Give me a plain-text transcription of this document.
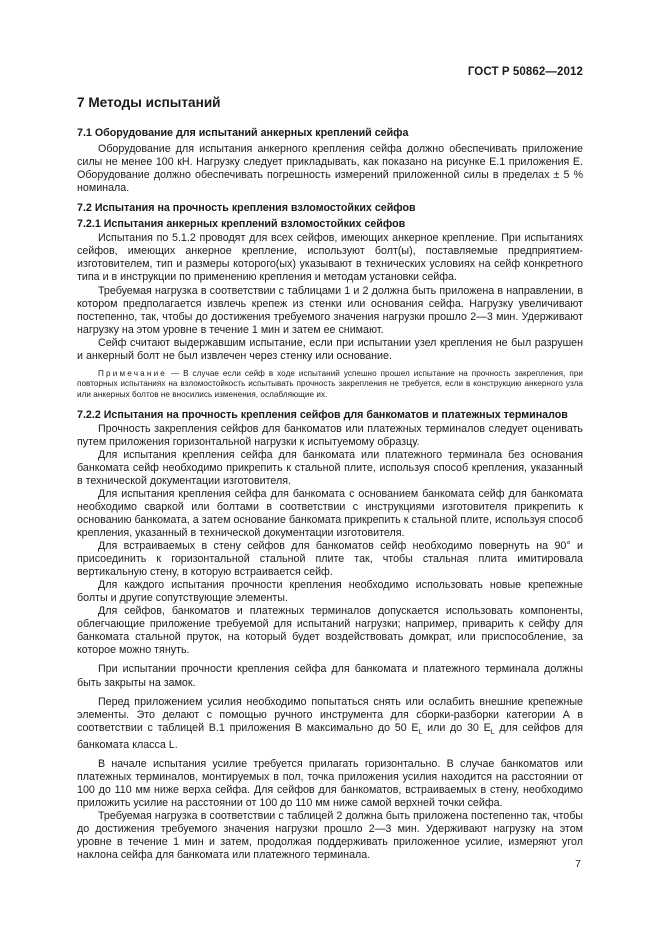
ГОСТ Р 50862—2012
7 Методы испытаний
7.1 Оборудование для испытаний анкерных креплений сейфа

Оборудование для испытания анкерного крепления сейфа должно обеспечивать приложение силы не менее 100 кН. Нагрузку следует прикладывать, как показано на рисунке Е.1 приложения Е. Оборудование должно обеспечивать погрешность измерений приложенной силы в пределах ± 5 % номинала.

7.2 Испытания на прочность крепления взломостойких сейфов
7.2.1 Испытания анкерных креплений взломостойких сейфов

Испытания по 5.1.2 проводят для всех сейфов, имеющих анкерное крепление. При испытаниях сейфов, имеющих анкерное крепление, используют болт(ы), поставляемые предприятием-изготовителем, тип и размеры которого(ых) указывают в технических условиях на сейф конкретного типа и в инструкции по применению крепления и методам установки сейфа.

Требуемая нагрузка в соответствии с таблицами 1 и 2 должна быть приложена в направлении, в котором предполагается извлечь крепеж из стенки или основания сейфа. Нагрузку увеличивают постепенно, так, чтобы до достижения требуемого значения нагрузки прошло 2—3 мин. Удерживают нагрузку на этом уровне в течение 1 мин и затем ее снимают.

Сейф считают выдержавшим испытание, если при испытании узел крепления не был разрушен и анкерный болт не был извлечен через стенку или основание.

Примечание — В случае если сейф в ходе испытаний успешно прошел испытание на прочность закрепления, при повторных испытаниях на взломостойкость испытывать прочность закрепления не требуется, если в конструкцию анкерного узла или анкерных болтов не вносились изменения, ослабляющие их.
7.2.2 Испытания на прочность крепления сейфов для банкоматов и платежных терминалов

Прочность закрепления сейфов для банкоматов или платежных терминалов следует оценивать путем приложения горизонтальной нагрузки к испытуемому образцу.

Для испытания крепления сейфа для банкомата или платежного терминала без основания банкомата сейф необходимо прикрепить к стальной плите, используя способ крепления, указанный в технической документации изготовителя.

Для испытания крепления сейфа для банкомата с основанием банкомата сейф для банкомата необходимо сваркой или болтами в соответствии с инструкциями изготовителя прикрепить к основанию банкомата, а затем основание банкомата прикрепить к стальной плите, используя способ крепления, указанный в технической документации изготовителя.

Для встраиваемых в стену сейфов для банкоматов сейф необходимо повернуть на 90° и присоединить к горизонтальной стальной плите так, чтобы стальная плита имитировала вертикальную стену, в которую встраивается сейф.

Для каждого испытания прочности крепления необходимо использовать новые крепежные болты и другие сопутствующие элементы.

Для сейфов, банкоматов и платежных терминалов допускается использовать компоненты, облегчающие приложение требуемой для испытаний нагрузки; например, приварить к сейфу для банкомата стальной пруток, на который будет воздействовать домкрат, или приспособление, за которое можно тянуть.

При испытании прочности крепления сейфа для банкомата и платежного терминала должны быть закрыты на замок.

Перед приложением усилия необходимо попытаться снять или ослабить внешние крепежные элементы. Это делают с помощью ручного инструмента для сборки-разборки категории А в соответствии с таблицей В.1 приложения В максимально до 50 $Е_L$ или до 30 $Е_L$ для сейфов для банкомата класса L.

В начале испытания усилие требуется прилагать горизонтально. В случае банкоматов или платежных терминалов, монтируемых в пол, точка приложения усилия находится на расстоянии от 100 до 110 мм ниже верха сейфа. Для сейфов для банкоматов, встраиваемых в стену, необходимо приложить усилие на расстоянии от 100 до 110 мм ниже самой верхней точки сейфа.

Требуемая нагрузка в соответствии с таблицей 2 должна быть приложена постепенно так, чтобы до достижения требуемого значения нагрузки прошло 2—3 мин. Удерживают нагрузку на этом уровне в течение 1 мин и затем, продолжая поддерживать приложенное усилие, измеряют угол наклона сейфа для банкомата или платежного терминала.

7
